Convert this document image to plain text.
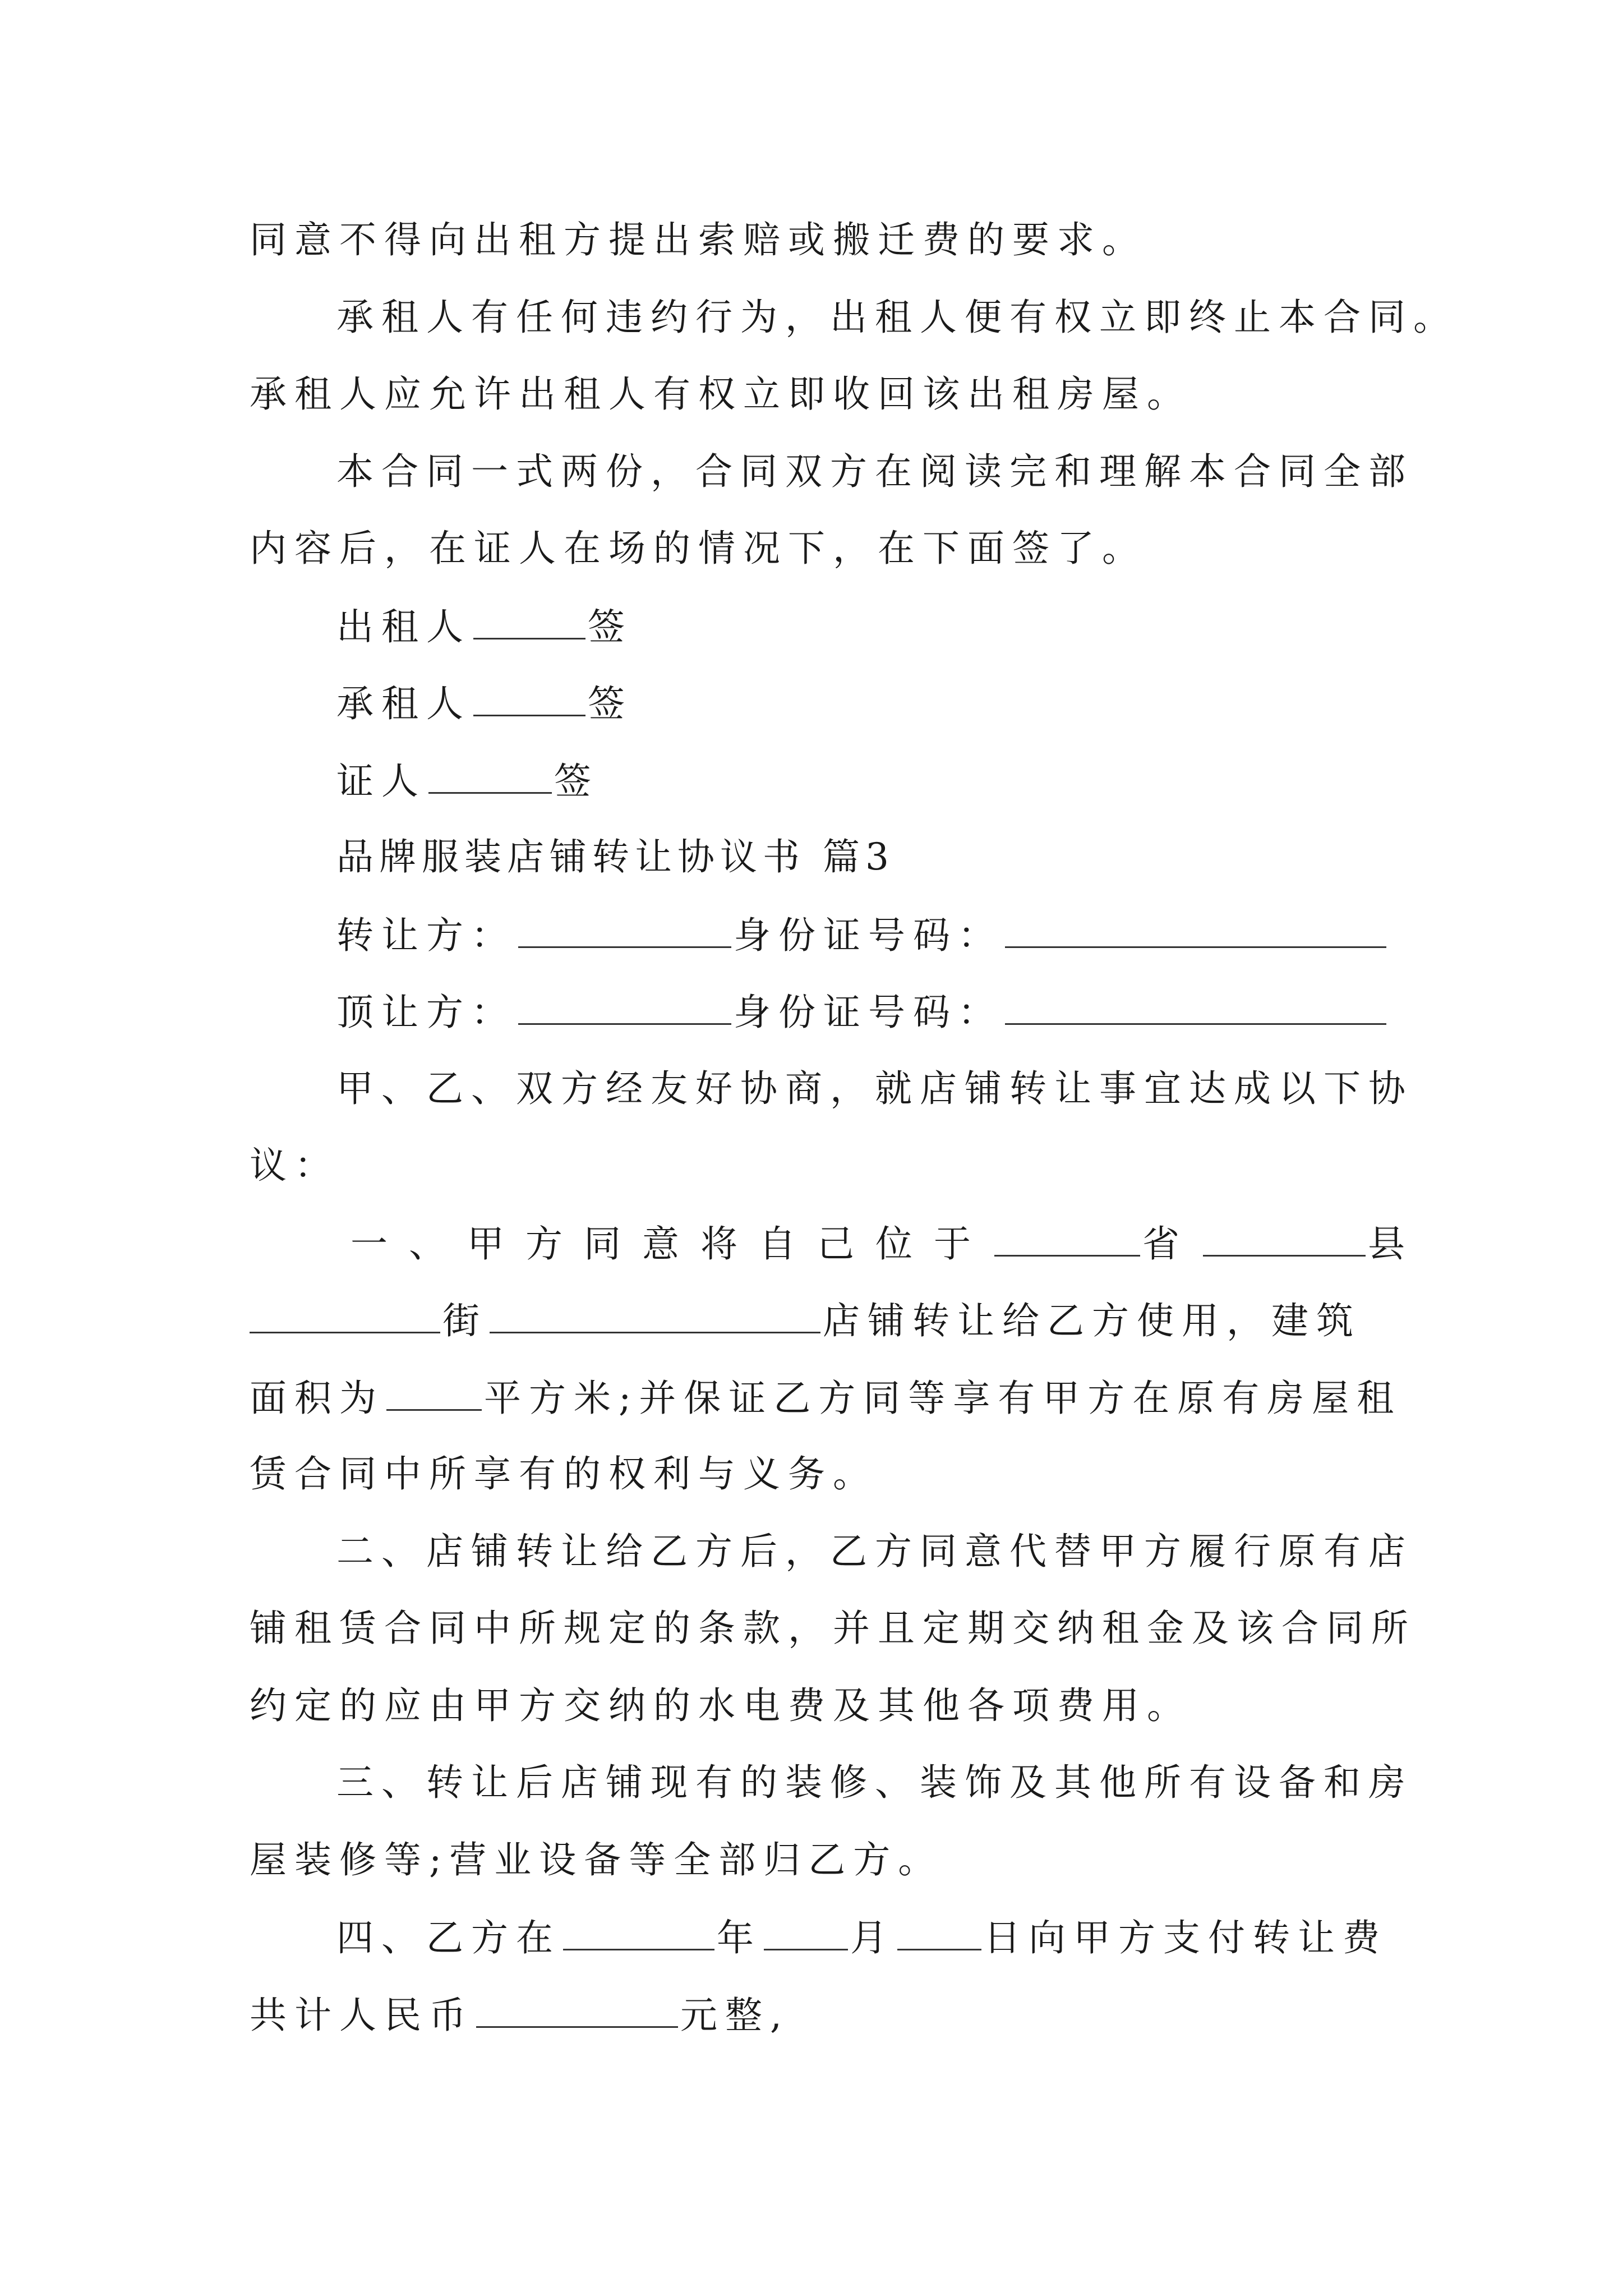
同意不得向出租方提出索赔或搬迁费的要求。
承租人有任何违约行为，出租人便有权立即终止本合同。
承租人应允许出租人有权立即收回该出租房屋。
本合同一式两份，合同双方在阅读完和理解本合同全部
内容后，在证人在场的情况下，在下面签了。
出租人	签
承租人	签
证人	签
品牌服装店铺转让协议书 篇3
转让方：	身份证号码：
顶让方：	身份证号码：
甲、乙、双方经友好协商，就店铺转让事宜达成以下协
议：
一、甲方同意将自己位于	省	县
街	店铺转让给乙方使用，建筑
面积为	平方米;并保证乙方同等享有甲方在原有房屋租
赁合同中所享有的权利与义务。
二、店铺转让给乙方后，乙方同意代替甲方履行原有店
铺租赁合同中所规定的条款，并且定期交纳租金及该合同所
约定的应由甲方交纳的水电费及其他各项费用。
三、转让后店铺现有的装修、装饰及其他所有设备和房
屋装修等;营业设备等全部归乙方。
四、乙方在	年 月 日向甲方支付转让费
共计人民币	元整,
